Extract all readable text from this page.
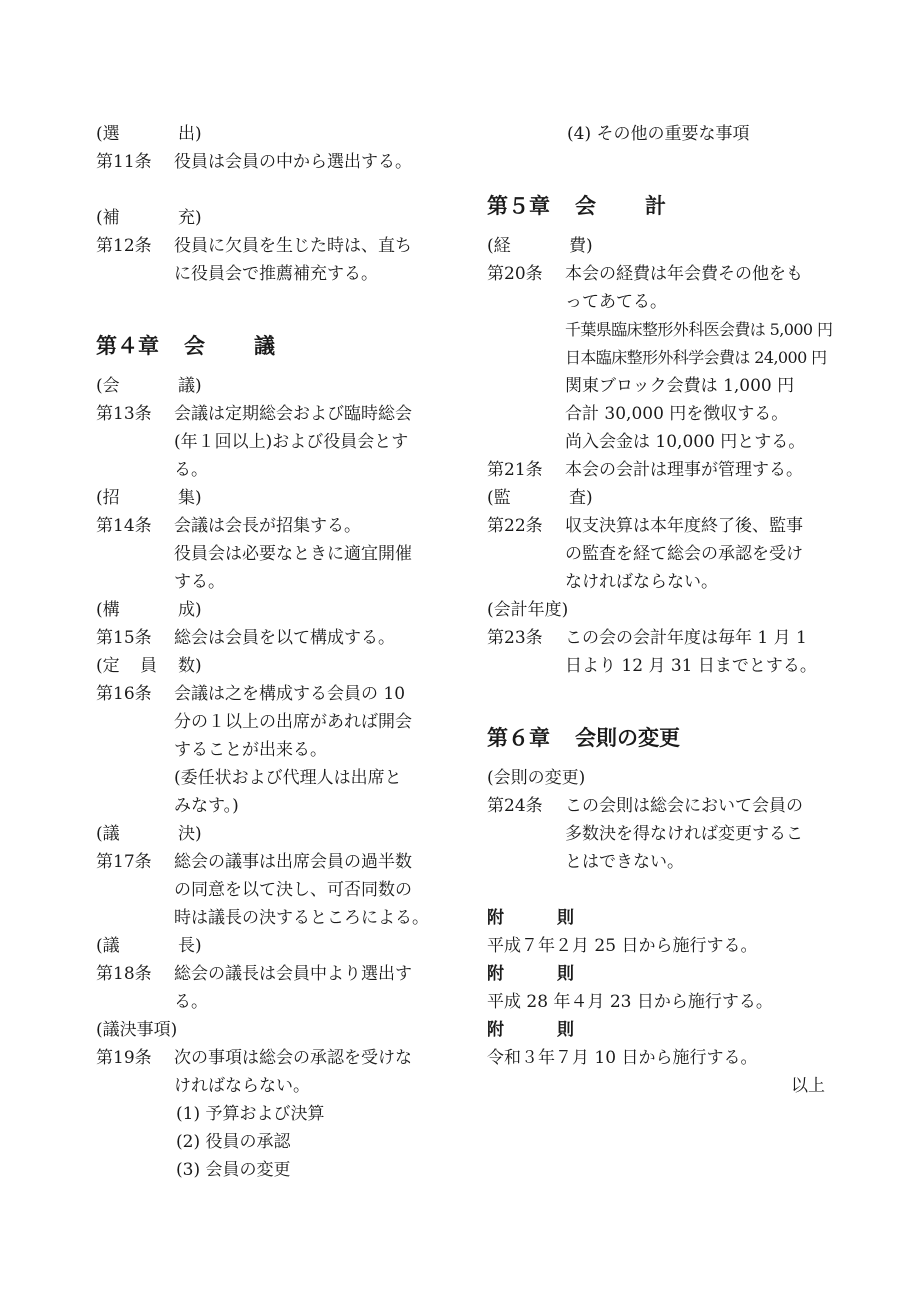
(選	出)
第11条 役員は会員の中から選出する。
(補	充)
第12条 役員に欠員を生じた時は、直ち
に役員会で推薦補充する。
第４章 会 議
(会	議)
第13条 会議は定期総会および臨時総会
(年１回以上)および役員会とす
る。
(招	集)
第14条 会議は会長が招集する。
役員会は必要なときに適宜開催
する。
(構	成)
第15条 総会は会員を以て構成する。
(定 員 数)
第16条 会議は之を構成する会員の 10
分の１以上の出席があれば開会
することが出来る。
(委任状および代理人は出席と
みなす。)
(議	決)
第17条 総会の議事は出席会員の過半数
の同意を以て決し、可否同数の
時は議長の決するところによる。
(議	長)
第18条 総会の議長は会員中より選出す
る。
(議決事項)
第19条 次の事項は総会の承認を受けな
ければならない。
(1) 予算および決算
(2) 役員の承認
(3) 会員の変更
(4) その他の重要な事項
第５章 会 計
(経	費)
第20条 本会の経費は年会費その他をも
ってあてる。
千葉県臨床整形外科医会費は 5,000 円
日本臨床整形外科学会費は 24,000 円
関東ブロック会費は 1,000 円
合計 30,000 円を徴収する。
尚入会金は 10,000 円とする。
第21条 本会の会計は理事が管理する。
(監	査)
第22条 収支決算は本年度終了後、監事
の監査を経て総会の承認を受け
なければならない。
(会計年度)
第23条 この会の会計年度は毎年 1 月 1
日より 12 月 31 日までとする。
第６章 会則の変更
(会則の変更)
第24条 この会則は総会において会員の
多数決を得なければ変更するこ
とはできない。
附	則
平成７年２月 25 日から施行する。
附	則
平成 28 年４月 23 日から施行する。
附	則
令和３年７月 10 日から施行する。
以上
